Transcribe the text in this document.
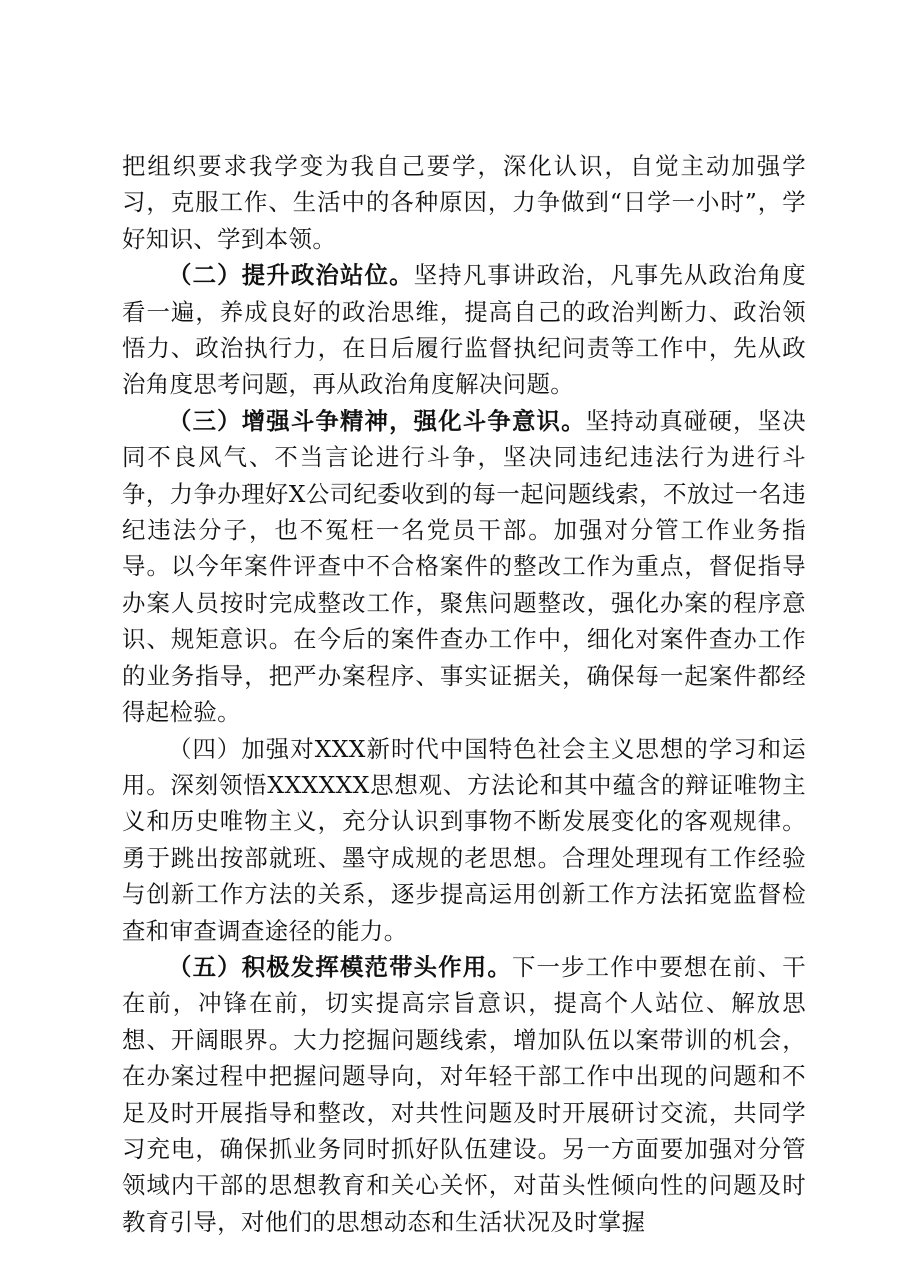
把组织要求我学变为我自己要学，深化认识，自觉主动加强学习，克服工作、生活中的各种原因，力争做到“日学一小时”，学好知识、学到本领。

（二）提升政治站位。坚持凡事讲政治，凡事先从政治角度看一遍，养成良好的政治思维，提高自己的政治判断力、政治领悟力、政治执行力，在日后履行监督执纪问责等工作中，先从政治角度思考问题，再从政治角度解决问题。

（三）增强斗争精神，强化斗争意识。坚持动真碰硬，坚决同不良风气、不当言论进行斗争，坚决同违纪违法行为进行斗争，力争办理好X公司纪委收到的每一起问题线索，不放过一名违纪违法分子，也不冤枉一名党员干部。加强对分管工作业务指导。以今年案件评查中不合格案件的整改工作为重点，督促指导办案人员按时完成整改工作，聚焦问题整改，强化办案的程序意识、规矩意识。在今后的案件查办工作中，细化对案件查办工作的业务指导，把严办案程序、事实证据关，确保每一起案件都经得起检验。

（四）加强对XXX新时代中国特色社会主义思想的学习和运用。深刻领悟XXXXXX思想观、方法论和其中蕴含的辩证唯物主义和历史唯物主义，充分认识到事物不断发展变化的客观规律。勇于跳出按部就班、墨守成规的老思想。合理处理现有工作经验与创新工作方法的关系，逐步提高运用创新工作方法拓宽监督检查和审查调查途径的能力。

（五）积极发挥模范带头作用。下一步工作中要想在前、干在前，冲锋在前，切实提高宗旨意识，提高个人站位、解放思想、开阔眼界。大力挖掘问题线索，增加队伍以案带训的机会，在办案过程中把握问题导向，对年轻干部工作中出现的问题和不足及时开展指导和整改，对共性问题及时开展研讨交流，共同学习充电，确保抓业务同时抓好队伍建设。另一方面要加强对分管领域内干部的思想教育和关心关怀，对苗头性倾向性的问题及时教育引导，对他们的思想动态和生活状况及时掌握
